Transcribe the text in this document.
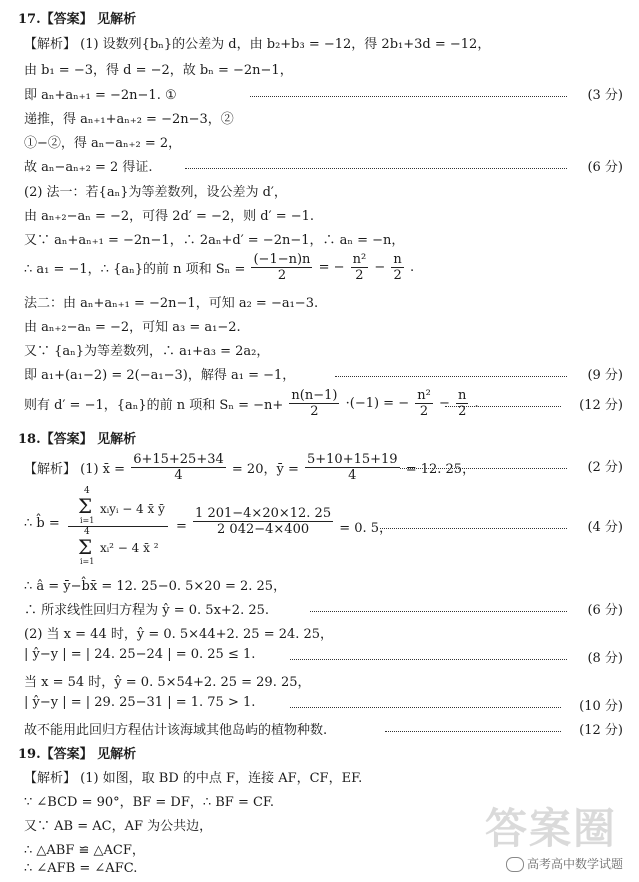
17.【答案】 见解析
【解析】 (1) 设数列{bₙ}的公差为 d，由 b₂+b₃ = −12，得 2b₁+3d = −12，
由 b₁ = −3，得 d = −2，故 bₙ = −2n−1，
即 aₙ+aₙ₊₁ = −2n−1. ①	(3 分)
递推，得 aₙ₊₁+aₙ₊₂ = −2n−3，②
①−②，得 aₙ−aₙ₊₂ = 2，
故 aₙ−aₙ₊₂ = 2 得证.	(6 分)
(2) 法一：若{aₙ}为等差数列，设公差为 d′，
由 aₙ₊₂−aₙ = −2，可得 2d′ = −2，则 d′ = −1.
又∵ aₙ+aₙ₊₁ = −2n−1，∴ 2aₙ+d′ = −2n−1，∴ aₙ = −n，
∴ a₁ = −1，∴ {aₙ}的前 n 项和 $S_n = \frac{(-1-n)n}{2}$ = − $\frac{\text{n²}}{2} - \frac{n}{2}$ .
法二：由 aₙ+aₙ₊₁ = −2n−1，可知 a₂ = −a₁−3.
由 aₙ₊₂−aₙ = −2，可知 a₃ = a₁−2.
又∵ {aₙ}为等差数列，∴ a₁+a₃ = 2a₂，
即 a₁+(a₁−2) = 2(−a₁−3)，解得 a₁ = −1，	(9 分)
则有 d′ = −1，{aₙ}的前 n 项和 $S_n = -n+ \frac{n(n-1)}{2} \cdot(-1)$ = − $\frac{\text{n²}}{2} - \frac{n}{2}$ .	(12 分)
18.【答案】 见解析
【解析】 (1) x̄ = $\frac{6+15+25+34}{4} = 20$，ȳ = $\frac{5+10+15+19}{4} = 12$. 25，	(2 分)
∴ b̂ =
4
Σ
i=1
xᵢyᵢ − 4 x̄ ȳ
4
Σ
i=1
xᵢ² − 4 x̄ ²
= $\frac{1 201-4\times 20\times 12. 25}{2 042-4\times 400} = 0$. 5，	(4 分)
∴ â = ȳ−b̂x̄ = 12. 25−0. 5×20 = 2. 25，
∴ 所求线性回归方程为 ŷ = 0. 5x+2. 25.	(6 分)
(2) 当 x = 44 时，ŷ = 0. 5×44+2. 25 = 24. 25，
| ŷ−y | = | 24. 25−24 | = 0. 25 ≤ 1.	(8 分)
当 x = 54 时，ŷ = 0. 5×54+2. 25 = 29. 25，
| ŷ−y | = | 29. 25−31 | = 1. 75 > 1.	(10 分)
故不能用此回归方程估计该海域其他岛屿的植物种数.	(12 分)
19.【答案】 见解析
【解析】 (1) 如图，取 BD 的中点 F，连接 AF，CF，EF.
∵ ∠BCD = 90°，BF = DF，∴ BF = CF.
又∵ AB = AC，AF 为公共边，
∴ △ABF ≌ △ACF，
∴ ∠AFB = ∠AFC.
答案圈
高考高中数学试题
